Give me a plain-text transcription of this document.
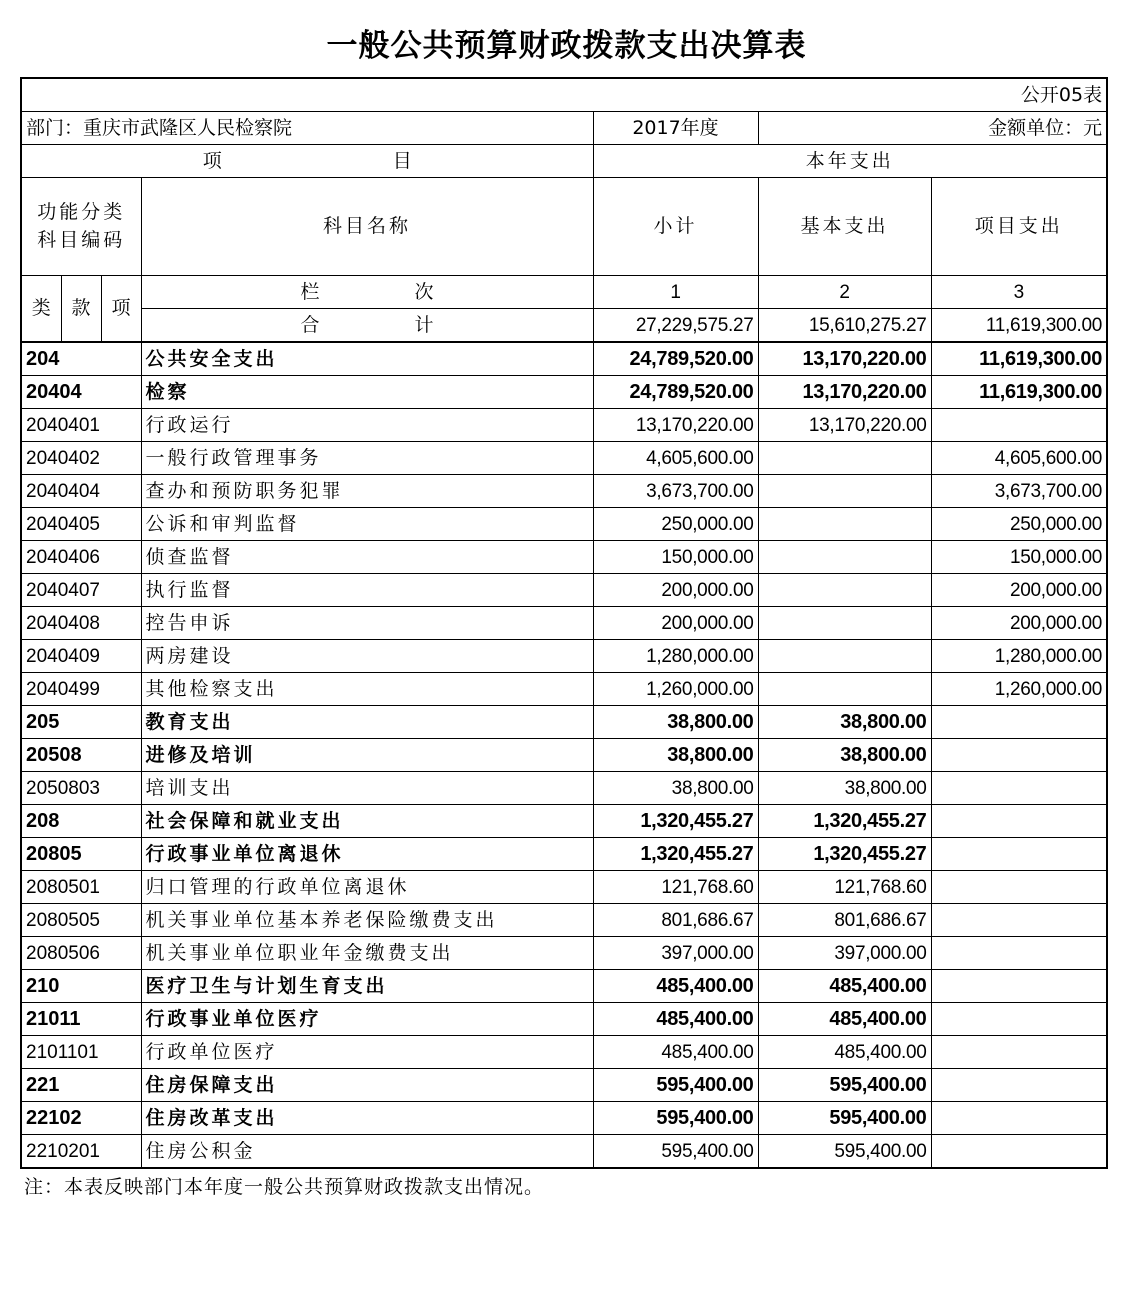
一般公共预算财政拨款支出决算表
公开05表						
部门：重庆市武隆区人民检察院				2017年度	金额单位：元	
项　　　　　　　　　目				本年支出		
功能分类科目编码			科目名称	小计	基本支出	项目支出
类	款	项	栏　　　　　次	1	2	3
			合　　　　　计	27,229,575.27	15,610,275.27	11,619,300.00
204			公共安全支出	24,789,520.00	13,170,220.00	11,619,300.00
20404			检察	24,789,520.00	13,170,220.00	11,619,300.00
2040401			行政运行	13,170,220.00	13,170,220.00	
2040402			一般行政管理事务	4,605,600.00		4,605,600.00
2040404			查办和预防职务犯罪	3,673,700.00		3,673,700.00
2040405			公诉和审判监督	250,000.00		250,000.00
2040406			侦查监督	150,000.00		150,000.00
2040407			执行监督	200,000.00		200,000.00
2040408			控告申诉	200,000.00		200,000.00
2040409			两房建设	1,280,000.00		1,280,000.00
2040499			其他检察支出	1,260,000.00		1,260,000.00
205			教育支出	38,800.00	38,800.00	
20508			进修及培训	38,800.00	38,800.00	
2050803			培训支出	38,800.00	38,800.00	
208			社会保障和就业支出	1,320,455.27	1,320,455.27	
20805			行政事业单位离退休	1,320,455.27	1,320,455.27	
2080501			归口管理的行政单位离退休	121,768.60	121,768.60	
2080505			机关事业单位基本养老保险缴费支出	801,686.67	801,686.67	
2080506			机关事业单位职业年金缴费支出	397,000.00	397,000.00	
210			医疗卫生与计划生育支出	485,400.00	485,400.00	
21011			行政事业单位医疗	485,400.00	485,400.00	
2101101			行政单位医疗	485,400.00	485,400.00	
221			住房保障支出	595,400.00	595,400.00	
22102			住房改革支出	595,400.00	595,400.00	
2210201			住房公积金	595,400.00	595,400.00	
注：本表反映部门本年度一般公共预算财政拨款支出情况。
